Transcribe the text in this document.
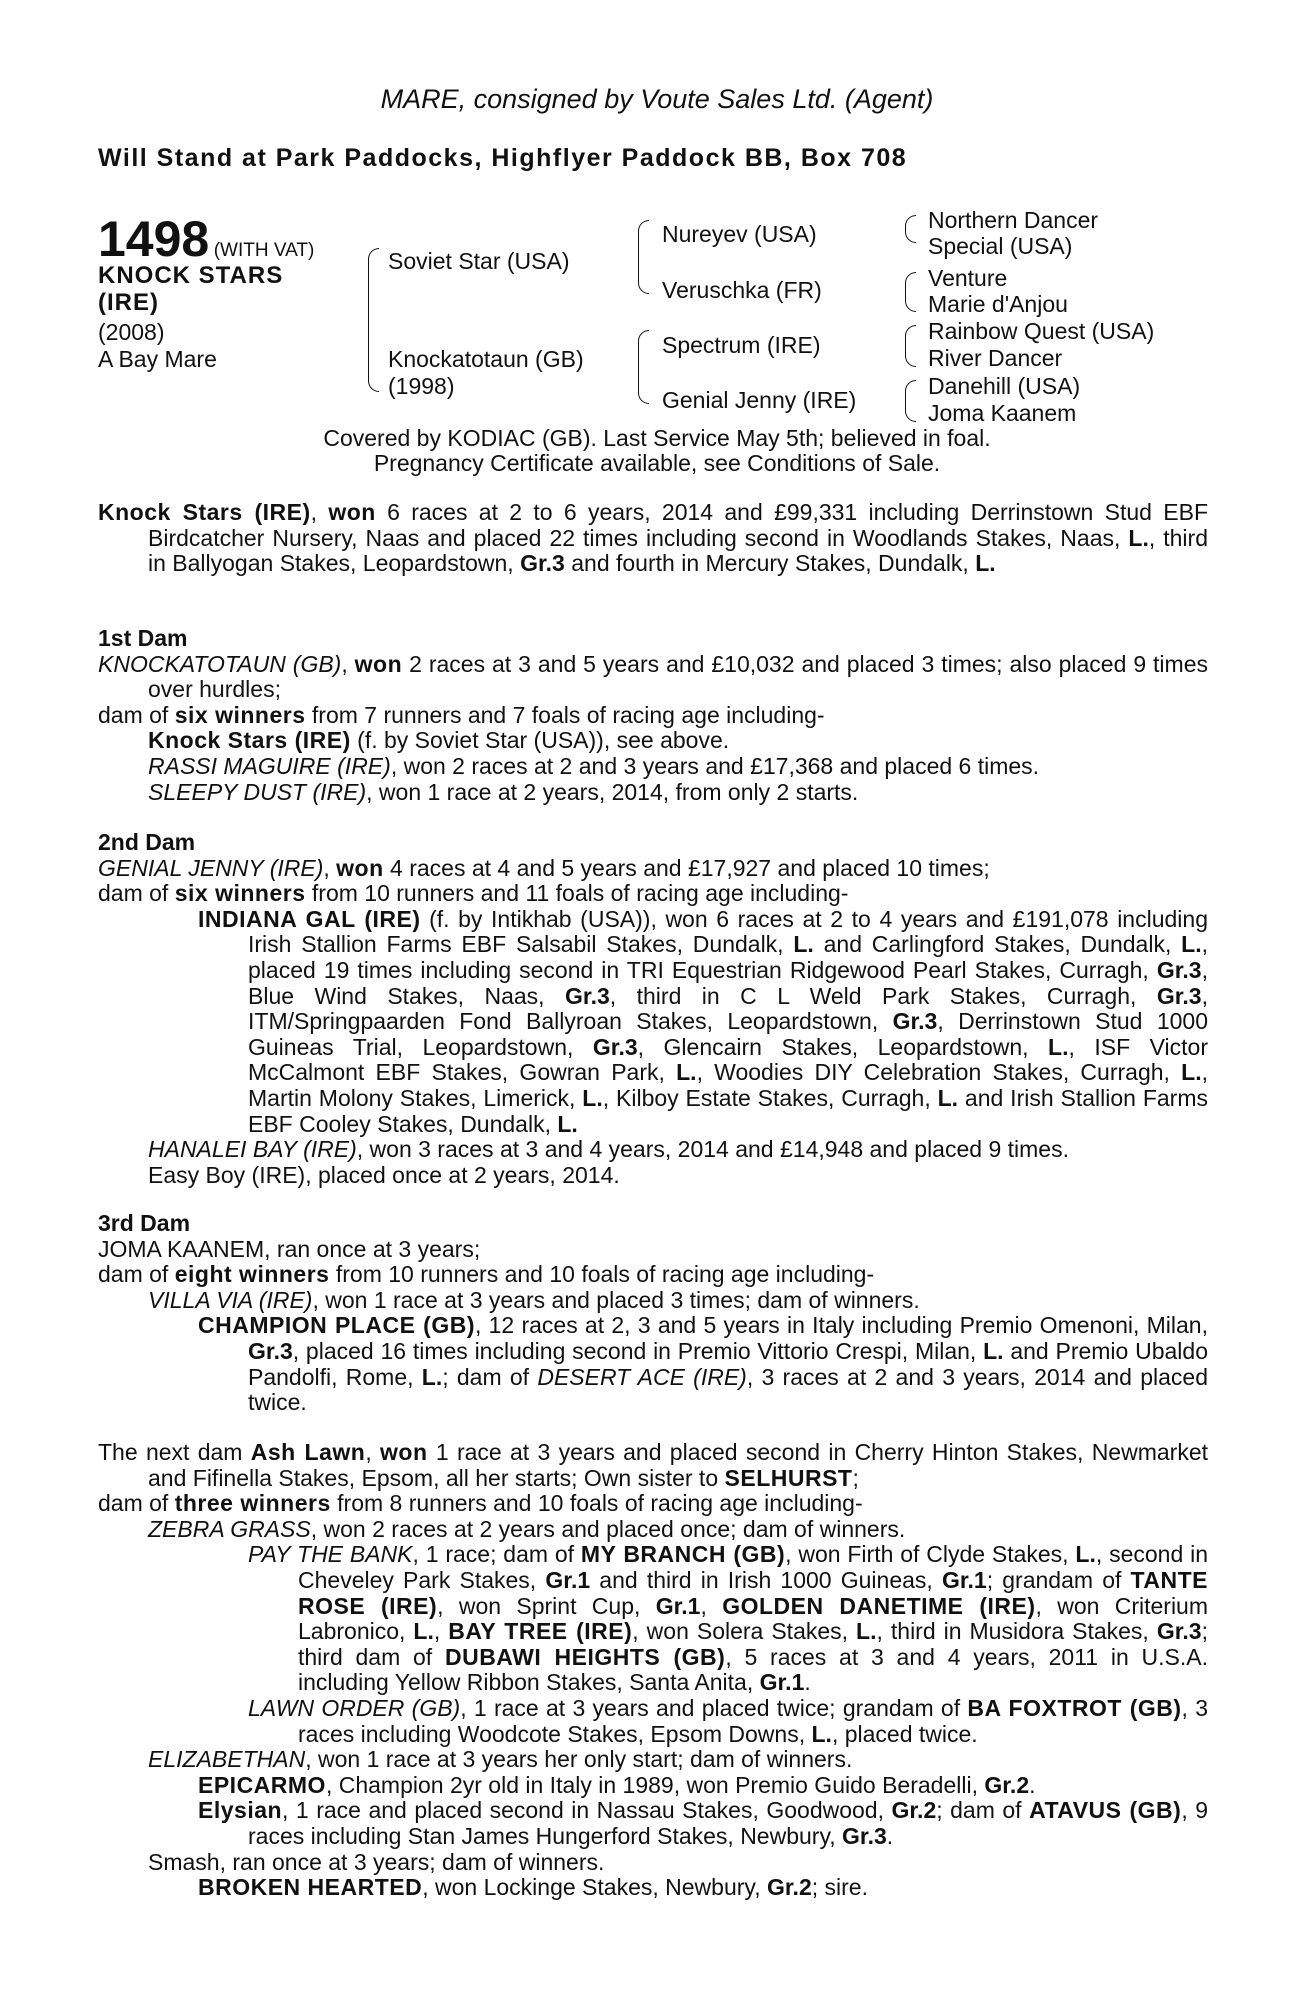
MARE, consigned by Voute Sales Ltd. (Agent)
Will Stand at Park Paddocks, Highflyer Paddock BB, Box 708
1498 (WITH VAT)
KNOCK STARS
(IRE)
(2008)
A Bay Mare
Soviet Star (USA)
Knockatotaun (GB)
(1998)
Nureyev (USA)
Veruschka (FR)
Spectrum (IRE)
Genial Jenny (IRE)
Northern Dancer
Special (USA)
Venture
Marie d'Anjou
Rainbow Quest (USA)
River Dancer
Danehill (USA)
Joma Kaanem
Covered by KODIAC (GB). Last Service May 5th; believed in foal.
Pregnancy Certificate available, see Conditions of Sale.

Knock Stars (IRE), won 6 races at 2 to 6 years, 2014 and £99,331 including Derrinstown Stud EBF Birdcatcher Nursery, Naas and placed 22 times including second in Woodlands Stakes, Naas, L., third in Ballyogan Stakes, Leopardstown, Gr.3 and fourth in Mercury Stakes, Dundalk, L.

1st Dam

KNOCKATOTAUN (GB), won 2 races at 3 and 5 years and £10,032 and placed 3 times; also placed 9 times over hurdles;

dam of six winners from 7 runners and 7 foals of racing age including-

Knock Stars (IRE) (f. by Soviet Star (USA)), see above.

RASSI MAGUIRE (IRE), won 2 races at 2 and 3 years and £17,368 and placed 6 times.

SLEEPY DUST (IRE), won 1 race at 2 years, 2014, from only 2 starts.

2nd Dam

GENIAL JENNY (IRE), won 4 races at 4 and 5 years and £17,927 and placed 10 times;

dam of six winners from 10 runners and 11 foals of racing age including-

INDIANA GAL (IRE) (f. by Intikhab (USA)), won 6 races at 2 to 4 years and £191,078 including Irish Stallion Farms EBF Salsabil Stakes, Dundalk, L. and Carlingford Stakes, Dundalk, L., placed 19 times including second in TRI Equestrian Ridgewood Pearl Stakes, Curragh, Gr.3, Blue Wind Stakes, Naas, Gr.3, third in C L Weld Park Stakes, Curragh, Gr.3, ITM/Springpaarden Fond Ballyroan Stakes, Leopardstown, Gr.3, Derrinstown Stud 1000 Guineas Trial, Leopardstown, Gr.3, Glencairn Stakes, Leopardstown, L., ISF Victor McCalmont EBF Stakes, Gowran Park, L., Woodies DIY Celebration Stakes, Curragh, L., Martin Molony Stakes, Limerick, L., Kilboy Estate Stakes, Curragh, L. and Irish Stallion Farms EBF Cooley Stakes, Dundalk, L.

HANALEI BAY (IRE), won 3 races at 3 and 4 years, 2014 and £14,948 and placed 9 times.

Easy Boy (IRE), placed once at 2 years, 2014.

3rd Dam

JOMA KAANEM, ran once at 3 years;

dam of eight winners from 10 runners and 10 foals of racing age including-

VILLA VIA (IRE), won 1 race at 3 years and placed 3 times; dam of winners.

CHAMPION PLACE (GB), 12 races at 2, 3 and 5 years in Italy including Premio Omenoni, Milan, Gr.3, placed 16 times including second in Premio Vittorio Crespi, Milan, L. and Premio Ubaldo Pandolfi, Rome, L.; dam of DESERT ACE (IRE), 3 races at 2 and 3 years, 2014 and placed twice.

The next dam Ash Lawn, won 1 race at 3 years and placed second in Cherry Hinton Stakes, Newmarket and Fifinella Stakes, Epsom, all her starts; Own sister to SELHURST;

dam of three winners from 8 runners and 10 foals of racing age including-

ZEBRA GRASS, won 2 races at 2 years and placed once; dam of winners.

PAY THE BANK, 1 race; dam of MY BRANCH (GB), won Firth of Clyde Stakes, L., second in Cheveley Park Stakes, Gr.1 and third in Irish 1000 Guineas, Gr.1; grandam of TANTE ROSE (IRE), won Sprint Cup, Gr.1, GOLDEN DANETIME (IRE), won Criterium Labronico, L., BAY TREE (IRE), won Solera Stakes, L., third in Musidora Stakes, Gr.3; third dam of DUBAWI HEIGHTS (GB), 5 races at 3 and 4 years, 2011 in U.S.A. including Yellow Ribbon Stakes, Santa Anita, Gr.1.

LAWN ORDER (GB), 1 race at 3 years and placed twice; grandam of BA FOXTROT (GB), 3 races including Woodcote Stakes, Epsom Downs, L., placed twice.

ELIZABETHAN, won 1 race at 3 years her only start; dam of winners.

EPICARMO, Champion 2yr old in Italy in 1989, won Premio Guido Beradelli, Gr.2.

Elysian, 1 race and placed second in Nassau Stakes, Goodwood, Gr.2; dam of ATAVUS (GB), 9 races including Stan James Hungerford Stakes, Newbury, Gr.3.

Smash, ran once at 3 years; dam of winners.

BROKEN HEARTED, won Lockinge Stakes, Newbury, Gr.2; sire.
